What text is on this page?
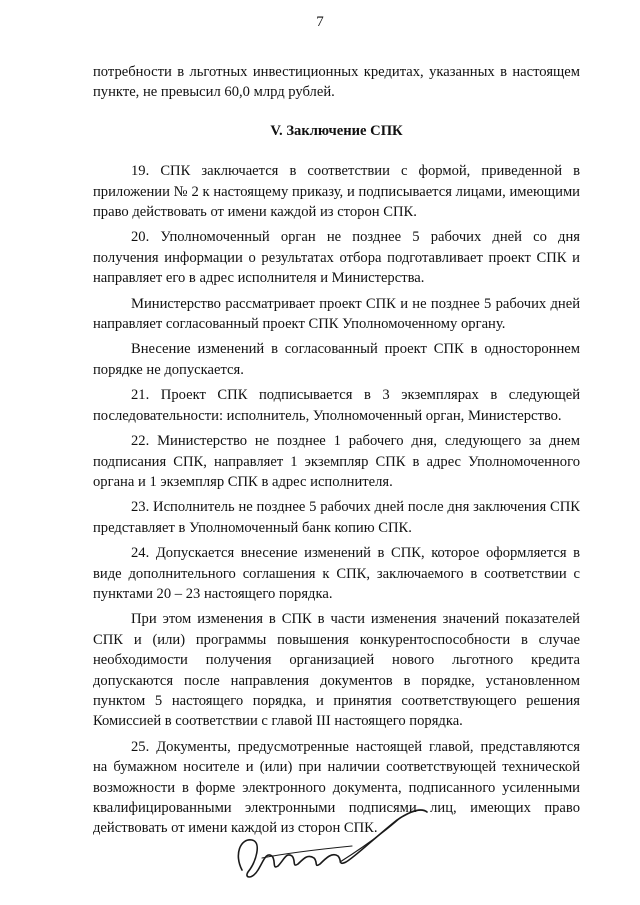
7

потребности в льготных инвестиционных кредитах, указанных в настоящем пункте, не превысил 60,0 млрд рублей.

V. Заключение СПК

19. СПК заключается в соответствии с формой, приведенной в приложении № 2 к настоящему приказу, и подписывается лицами, имеющими право действовать от имени каждой из сторон СПК.

20. Уполномоченный орган не позднее 5 рабочих дней со дня получения информации о результатах отбора подготавливает проект СПК и направляет его в адрес исполнителя и Министерства.

Министерство рассматривает проект СПК и не позднее 5 рабочих дней направляет согласованный проект СПК Уполномоченному органу.

Внесение изменений в согласованный проект СПК в одностороннем порядке не допускается.

21. Проект СПК подписывается в 3 экземплярах в следующей последовательности: исполнитель, Уполномоченный орган, Министерство.

22. Министерство не позднее 1 рабочего дня, следующего за днем подписания СПК, направляет 1 экземпляр СПК в адрес Уполномоченного органа и 1 экземпляр СПК в адрес исполнителя.

23. Исполнитель не позднее 5 рабочих дней после дня заключения СПК представляет в Уполномоченный банк копию СПК.

24. Допускается внесение изменений в СПК, которое оформляется в виде дополнительного соглашения к СПК, заключаемого в соответствии с пунктами 20 – 23 настоящего порядка.

При этом изменения в СПК в части изменения значений показателей СПК и (или) программы повышения конкурентоспособности в случае необходимости получения организацией нового льготного кредита допускаются после направления документов в порядке, установленном пунктом 5 настоящего порядка, и принятия соответствующего решения Комиссией в соответствии с главой III настоящего порядка.

25. Документы, предусмотренные настоящей главой, представляются на бумажном носителе и (или) при наличии соответствующей технической возможности в форме электронного документа, подписанного усиленными квалифицированными электронными подписями лиц, имеющих право действовать от имени каждой из сторон СПК.
